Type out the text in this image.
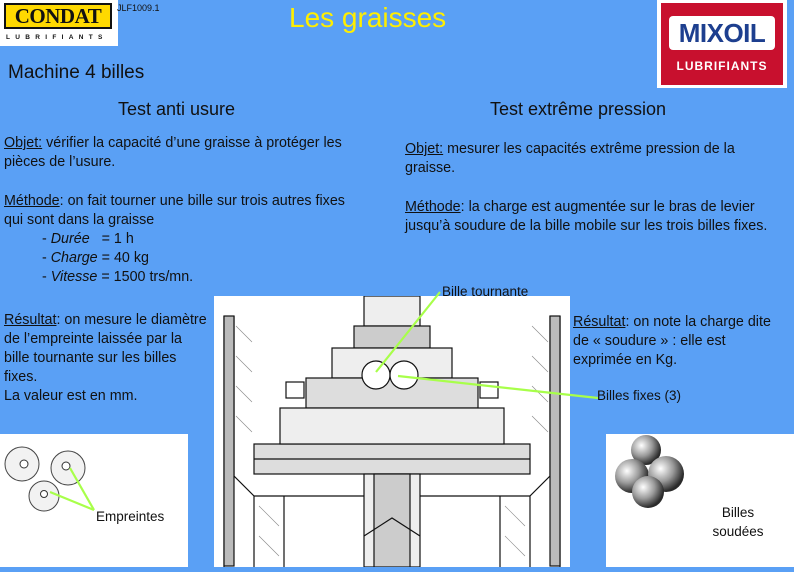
CONDAT
LUBRIFIANTS
JLF1009.1	Les graisses	MIXOIL
LUBRIFIANTS
Machine 4 billes
Test anti usure	Test extrême pression
Objet: vérifier la capacité d’une graisse à protéger les pièces de l’usure.
Méthode: on fait tourner une bille sur trois autres fixes qui sont dans la graisse
- Durée = 1 h
- Charge = 40 kg
- Vitesse = 1500 trs/mn.
Résultat: on mesure le diamètre de l’empreinte laissée par la bille tournante sur les billes fixes.
La valeur est en mm.
Objet: mesurer les capacités extrême pression de la graisse.
Méthode: la charge est augmentée sur le bras de levier jusqu’à soudure de la bille mobile sur les trois billes fixes.
Résultat: on note la charge dite de « soudure » : elle est exprimée en Kg.
Empreintes	Billes
soudées
Bille tournante
Billes fixes (3)
